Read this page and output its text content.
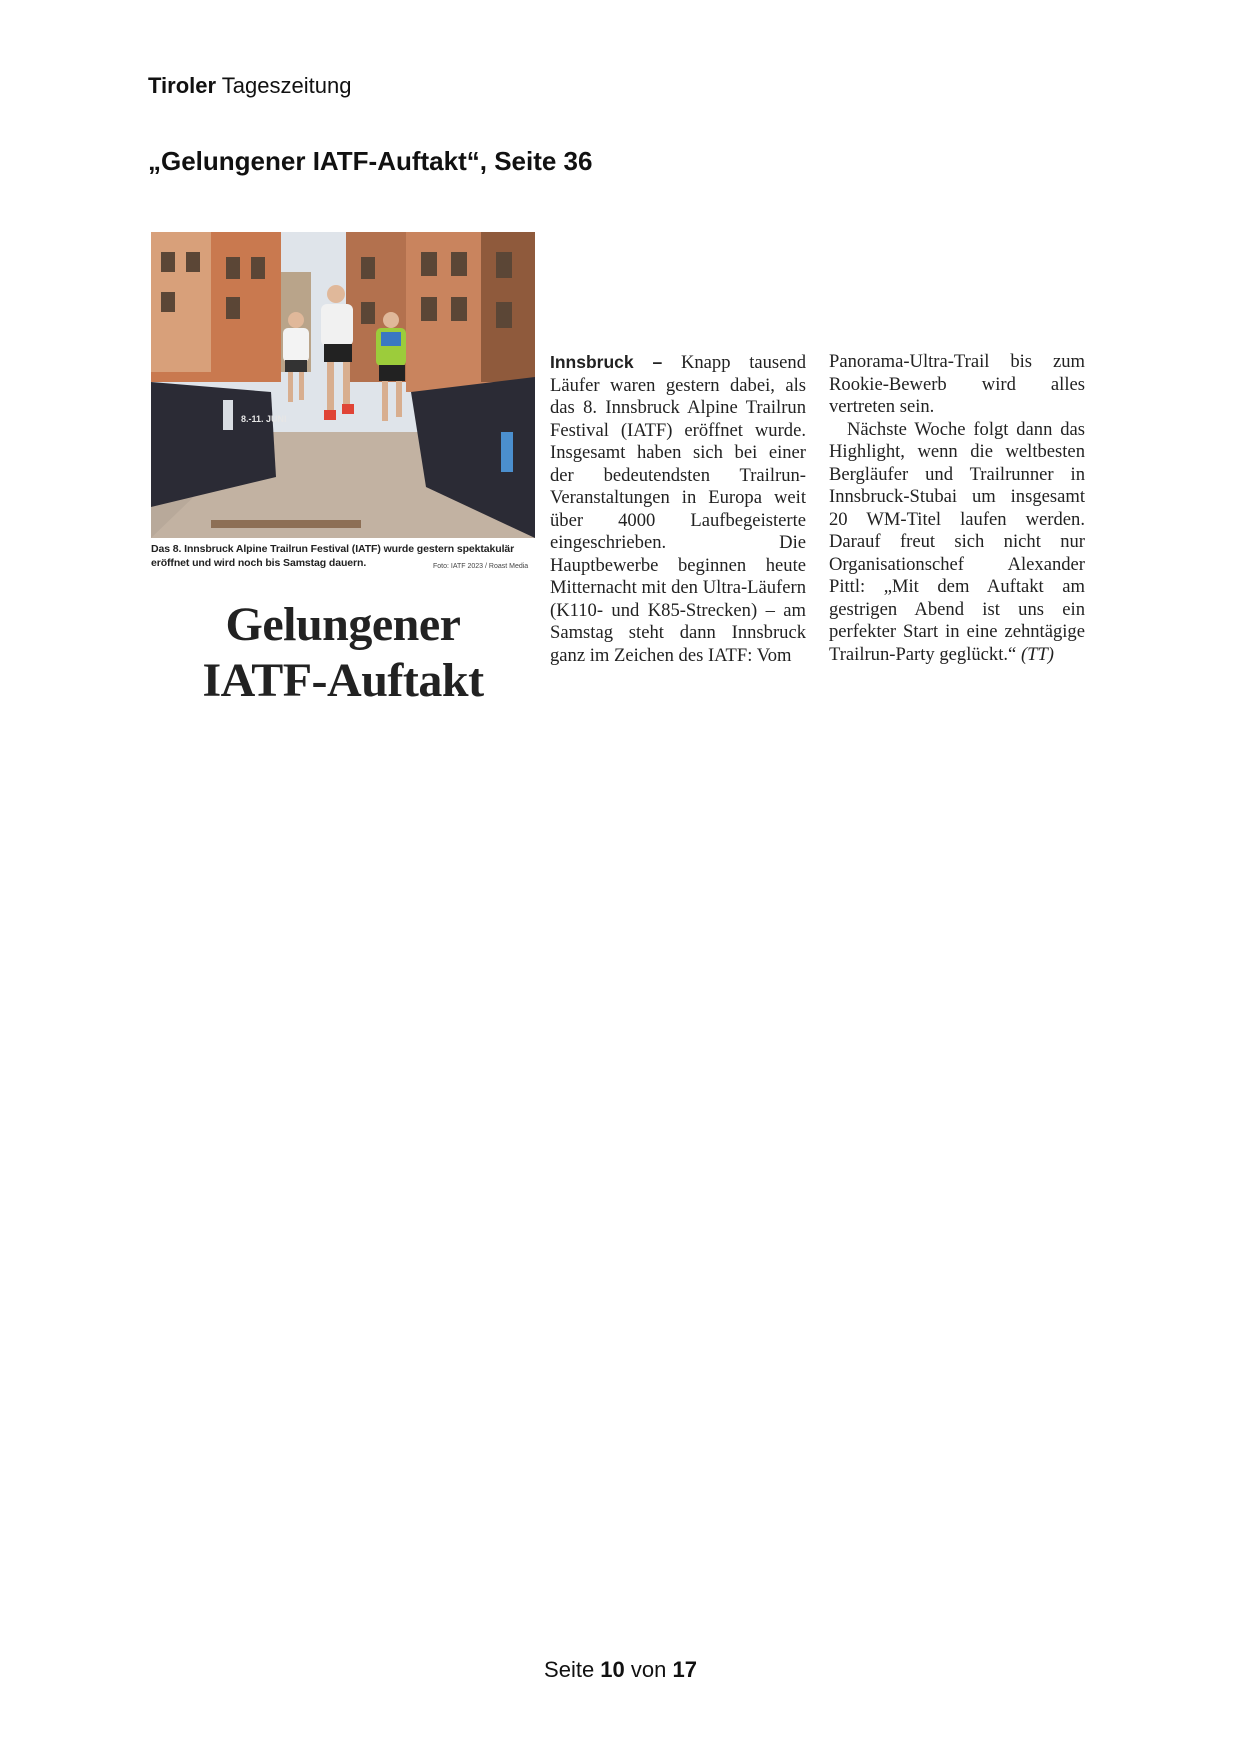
Tiroler Tageszeitung
„Gelungener IATF-Auftakt“, Seite 36
8.-11. JUNI
Das 8. Innsbruck Alpine Trailrun Festival (IATF) wurde gestern spektakulär eröffnet und wird noch bis Samstag dauern.	Foto: IATF 2023 / Roast Media
Gelungener
IATF-Auftakt
Innsbruck – Knapp tausend Läufer waren gestern dabei, als das 8. Innsbruck Alpine Trailrun Festival (IATF) eröffnet wurde. Insgesamt haben sich bei einer der bedeutendsten Trailrun-Veranstaltungen in Europa weit über 4000 Laufbegeisterte eingeschrieben. Die Hauptbewerbe beginnen heute Mitternacht mit den Ultra-Läufern (K110- und K85-Strecken) – am Samstag steht dann Innsbruck ganz im Zeichen des IATF: Vom
Panorama-Ultra-Trail bis zum Rookie-Bewerb wird alles vertreten sein.
Nächste Woche folgt dann das Highlight, wenn die weltbesten Bergläufer und Trailrunner in Innsbruck-Stubai um insgesamt 20 WM-Titel laufen werden. Darauf freut sich nicht nur Organisationschef Alexander Pittl: „Mit dem Auftakt am gestrigen Abend ist uns ein perfekter Start in eine zehntägige Trailrun-Party geglückt.“ (TT)
Seite 10 von 17
